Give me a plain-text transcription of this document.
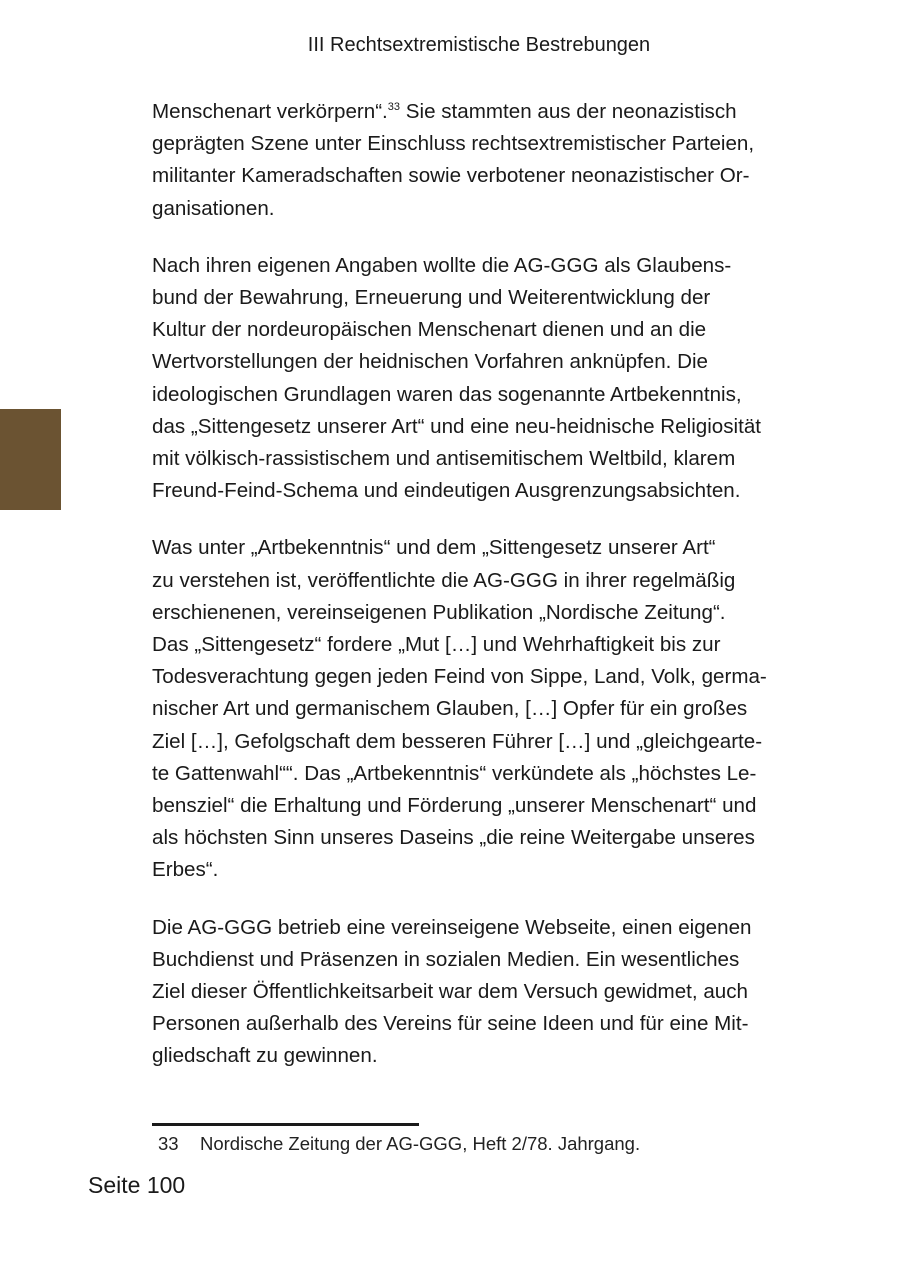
III Rechtsextremistische Bestrebungen

Menschenart verkörpern“.$^{33}$ Sie stammten aus der neonazistisch
geprägten Szene unter Einschluss rechtsextremistischer Parteien,
militanter Kameradschaften sowie verbotener neonazistischer Or-
ganisationen.

Nach ihren eigenen Angaben wollte die AG-GGG als Glaubens-
bund der Bewahrung, Erneuerung und Weiterentwicklung der
Kultur der nordeuropäischen Menschenart dienen und an die
Wertvorstellungen der heidnischen Vorfahren anknüpfen. Die
ideologischen Grundlagen waren das sogenannte Artbekenntnis,
das „Sittengesetz unserer Art“ und eine neu-heidnische Religiosität
mit völkisch-rassistischem und antisemitischem Weltbild, klarem
Freund-Feind-Schema und eindeutigen Ausgrenzungsabsichten.

Was unter „Artbekenntnis“ und dem „Sittengesetz unserer Art“
zu verstehen ist, veröffentlichte die AG-GGG in ihrer regelmäßig
erschienenen, vereinseigenen Publikation „Nordische Zeitung“.
Das „Sittengesetz“ fordere „Mut […] und Wehrhaftigkeit bis zur
Todesverachtung gegen jeden Feind von Sippe, Land, Volk, germa-
nischer Art und germanischem Glauben, […] Opfer für ein großes
Ziel […], Gefolgschaft dem besseren Führer […] und „gleichgearte-
te Gattenwahl““. Das „Artbekenntnis“ verkündete als „höchstes Le-
bensziel“ die Erhaltung und Förderung „unserer Menschenart“ und
als höchsten Sinn unseres Daseins „die reine Weitergabe unseres
Erbes“.

Die AG-GGG betrieb eine vereinseigene Webseite, einen eigenen
Buchdienst und Präsenzen in sozialen Medien. Ein wesentliches
Ziel dieser Öffentlichkeitsarbeit war dem Versuch gewidmet, auch
Personen außerhalb des Vereins für seine Ideen und für eine Mit-
gliedschaft zu gewinnen.

33 Nordische Zeitung der AG-GGG, Heft 2/78. Jahrgang.
Seite 100
